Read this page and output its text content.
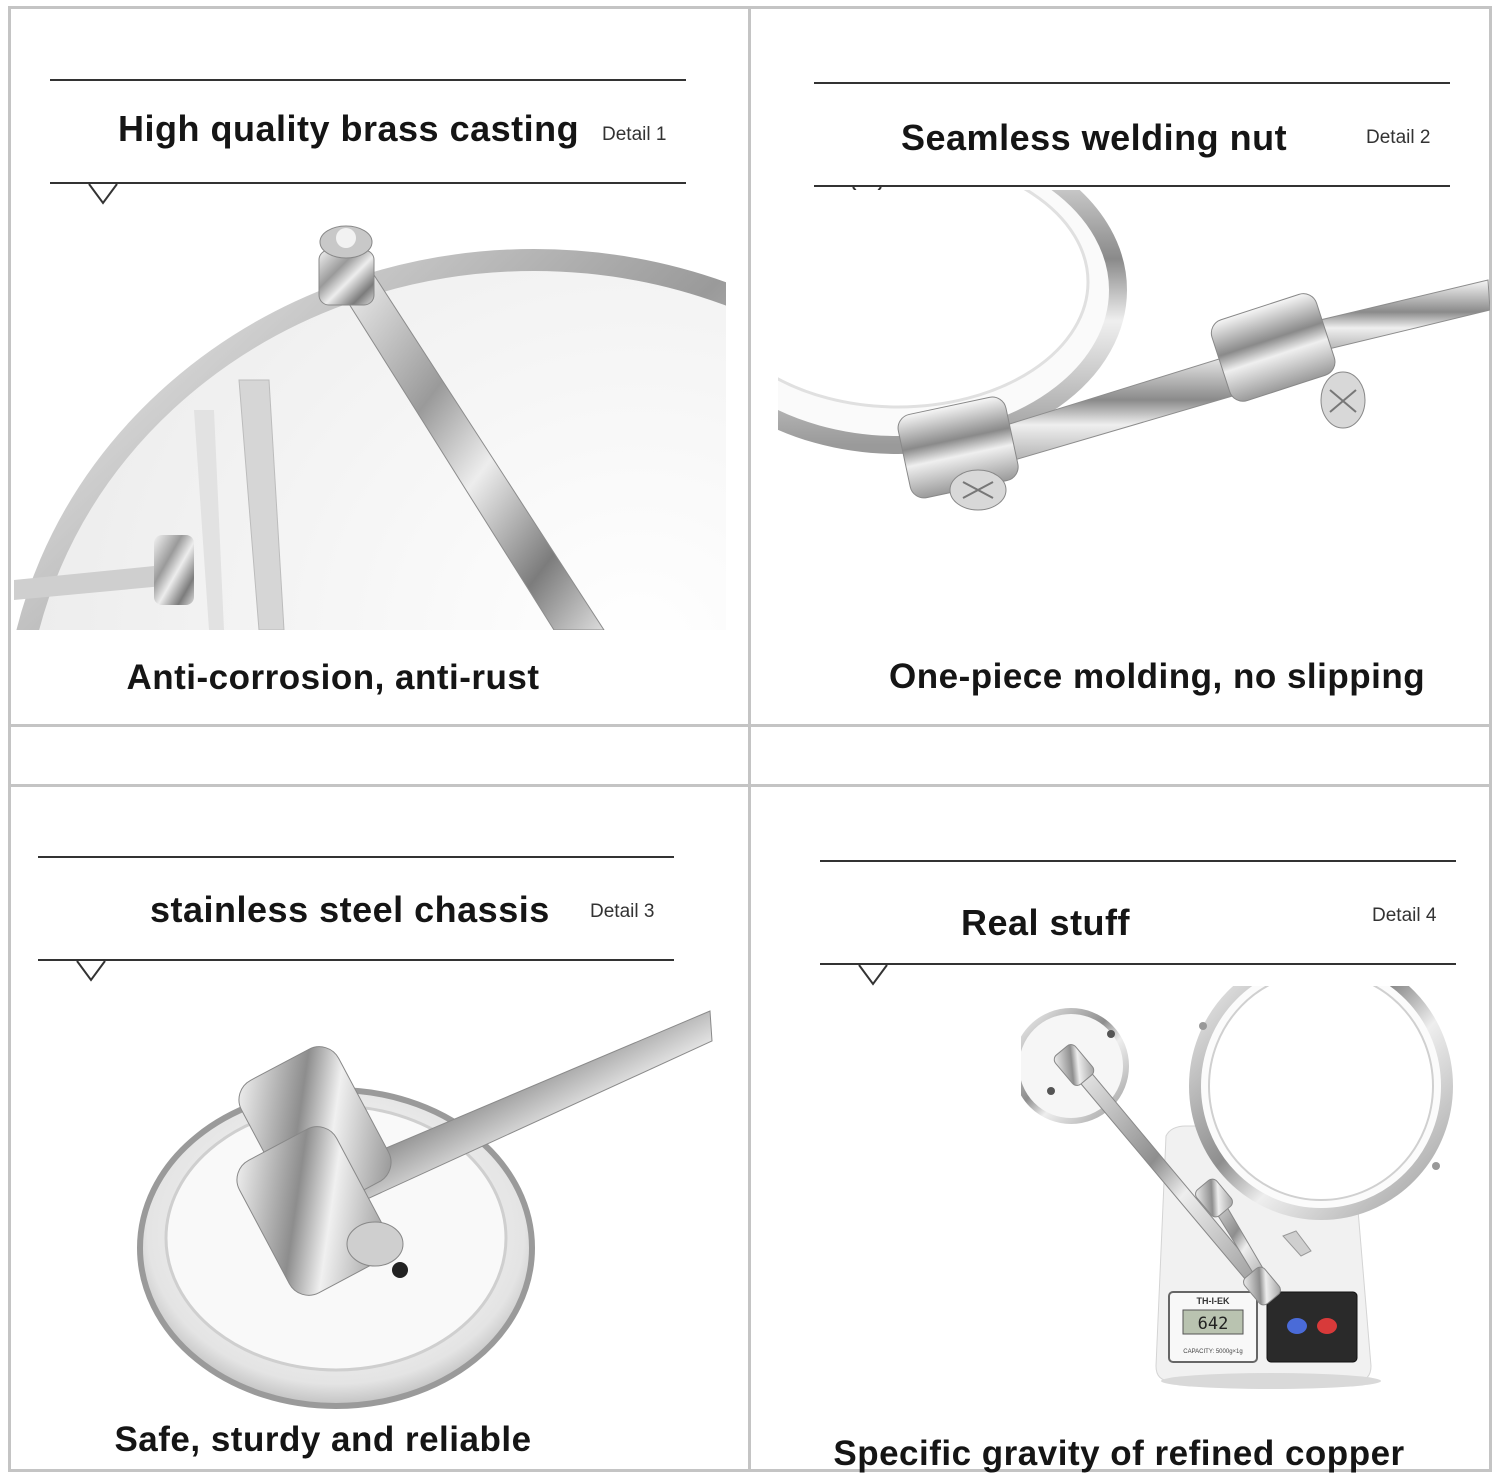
High quality brass casting Detail 1
Anti-corrosion, anti-rust
Seamless welding nut	Detail 2
One-piece molding, no slipping
stainless steel chassis Detail 3
Safe, sturdy and reliable
Real stuff	Detail 4
TH-I-EK
642
CAPACITY: 5000g×1g
Specific gravity of refined copper
